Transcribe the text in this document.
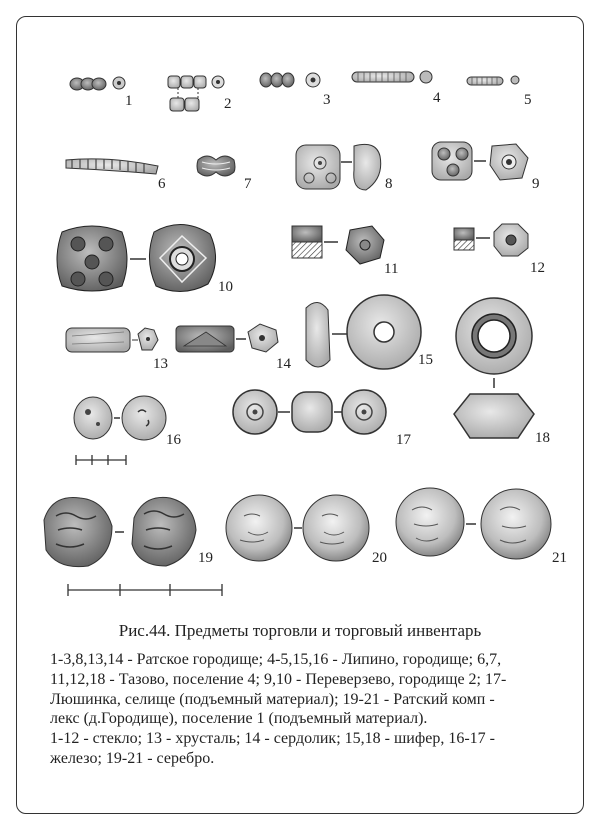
1	2	3	4	5
6	7	8	9
10
11	12
13	14	15
16	17	18
19	20	21
Рис.44. Предметы торговли и торговый инвентарь

1-3,8,13,14 - Ратское городище; 4-5,15,16 - Липино, городище; 6,7,

11,12,18 - Тазово, поселение 4; 9,10 - Переверзево, городище 2; 17-

Люшинка, селище (подъемный материал); 19-21 - Ратский комп -

лекс (д.Городище), поселение 1 (подъемный материал).

1-12 - стекло; 13 - хрусталь; 14 - сердолик; 15,18 - шифер, 16-17 -

железо; 19-21 - серебро.
